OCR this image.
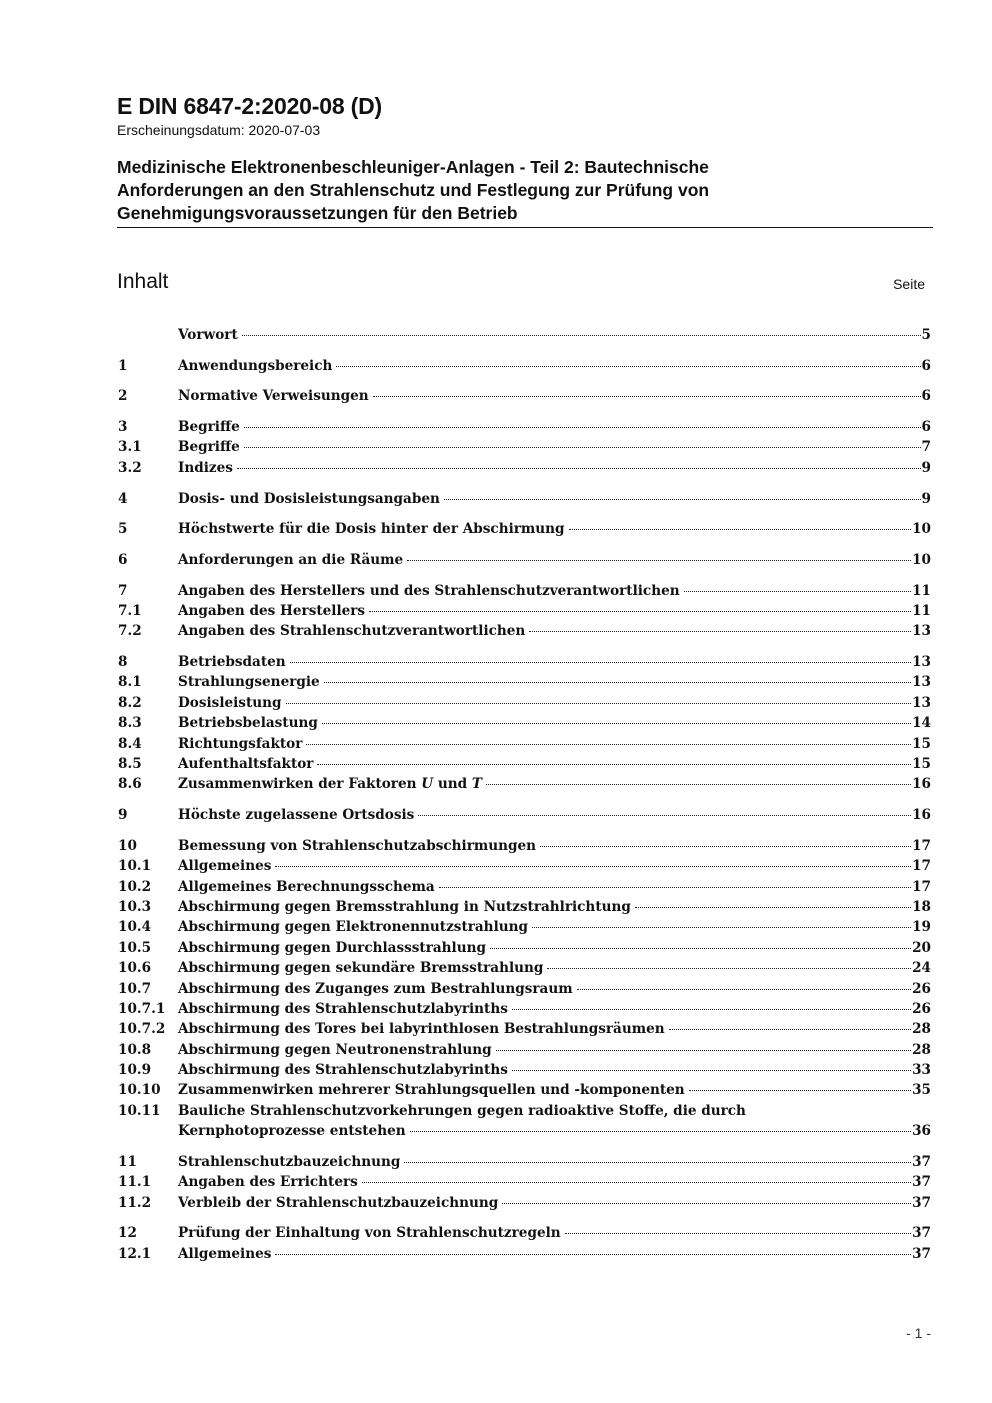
E DIN 6847-2:2020-08 (D)
Erscheinungsdatum: 2020-07-03
Medizinische Elektronenbeschleuniger-Anlagen - Teil 2: Bautechnische
Anforderungen an den Strahlenschutz und Festlegung zur Prüfung von
Genehmigungsvoraussetzungen für den Betrieb
Inhalt	Seite
Vorwort	5
1	Anwendungsbereich	6
2	Normative Verweisungen	6
3	Begriffe	6
3.1	Begriffe	7
3.2	Indizes	9
4	Dosis- und Dosisleistungsangaben	9
5	Höchstwerte für die Dosis hinter der Abschirmung	10
6	Anforderungen an die Räume	10
7	Angaben des Herstellers und des Strahlenschutzverantwortlichen	11
7.1	Angaben des Herstellers	11
7.2	Angaben des Strahlenschutzverantwortlichen	13
8	Betriebsdaten	13
8.1	Strahlungsenergie	13
8.2	Dosisleistung	13
8.3	Betriebsbelastung	14
8.4	Richtungsfaktor	15
8.5	Aufenthaltsfaktor	15
8.6	Zusammenwirken der Faktoren U und T	16
9	Höchste zugelassene Ortsdosis	16
10	Bemessung von Strahlenschutzabschirmungen	17
10.1 Allgemeines	17
10.2 Allgemeines Berechnungsschema	17
10.3 Abschirmung gegen Bremsstrahlung in Nutzstrahlrichtung	18
10.4 Abschirmung gegen Elektronennutzstrahlung	19
10.5 Abschirmung gegen Durchlassstrahlung	20
10.6 Abschirmung gegen sekundäre Bremsstrahlung	24
10.7 Abschirmung des Zuganges zum Bestrahlungsraum	26
10.7.1 Abschirmung des Strahlenschutzlabyrinths	26
10.7.2 Abschirmung des Tores bei labyrinthlosen Bestrahlungsräumen	28
10.8 Abschirmung gegen Neutronenstrahlung	28
10.9 Abschirmung des Strahlenschutzlabyrinths	33
10.10 Zusammenwirken mehrerer Strahlungsquellen und -komponenten	35
10.11 Bauliche Strahlenschutzvorkehrungen gegen radioaktive Stoffe, die durch
Kernphotoprozesse entstehen	36
11	Strahlenschutzbauzeichnung	37
11.1 Angaben des Errichters	37
11.2 Verbleib der Strahlenschutzbauzeichnung	37
12	Prüfung der Einhaltung von Strahlenschutzregeln	37
12.1 Allgemeines	37
- 1 -
